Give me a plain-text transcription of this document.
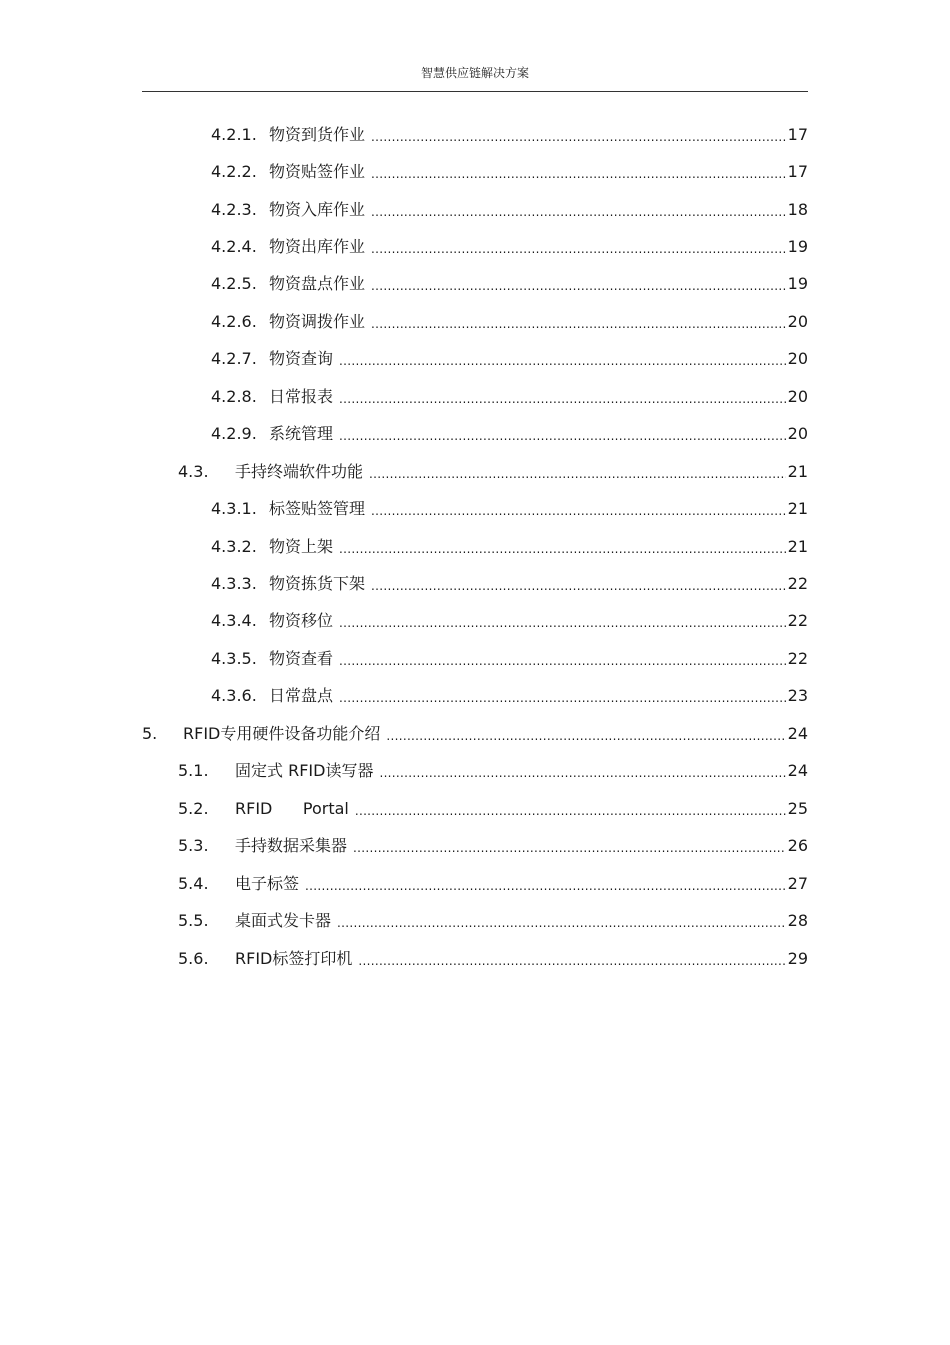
智慧供应链解决方案
4.2.1. 物资到货作业 .....	17
4.2.2. 物资贴签作业 .....	17
4.2.3. 物资入库作业 .....	18
4.2.4. 物资出库作业 .....	19
4.2.5. 物资盘点作业 .....	19
4.2.6. 物资调拨作业 .....	20
4.2.7. 物资查询 .....	20
4.2.8. 日常报表 .....	20
4.2.9. 系统管理 .....	20
4.3.	手持终端软件功能 .....	21
4.3.1. 标签贴签管理 .....	21
4.3.2. 物资上架 .....	21
4.3.3. 物资拣货下架 .....	22
4.3.4. 物资移位 .....	22
4.3.5. 物资查看 .....	22
4.3.6. 日常盘点 .....	23
5.	RFID专用硬件设备功能介绍 .....	24
5.1.	固定式 RFID读写器 .....	24
5.2.	RFID      Portal .....	25
5.3.	手持数据采集器 .....	26
5.4.	电子标签 .....	27
5.5.	桌面式发卡器 .....	28
5.6.	RFID标签打印机 .....	29
